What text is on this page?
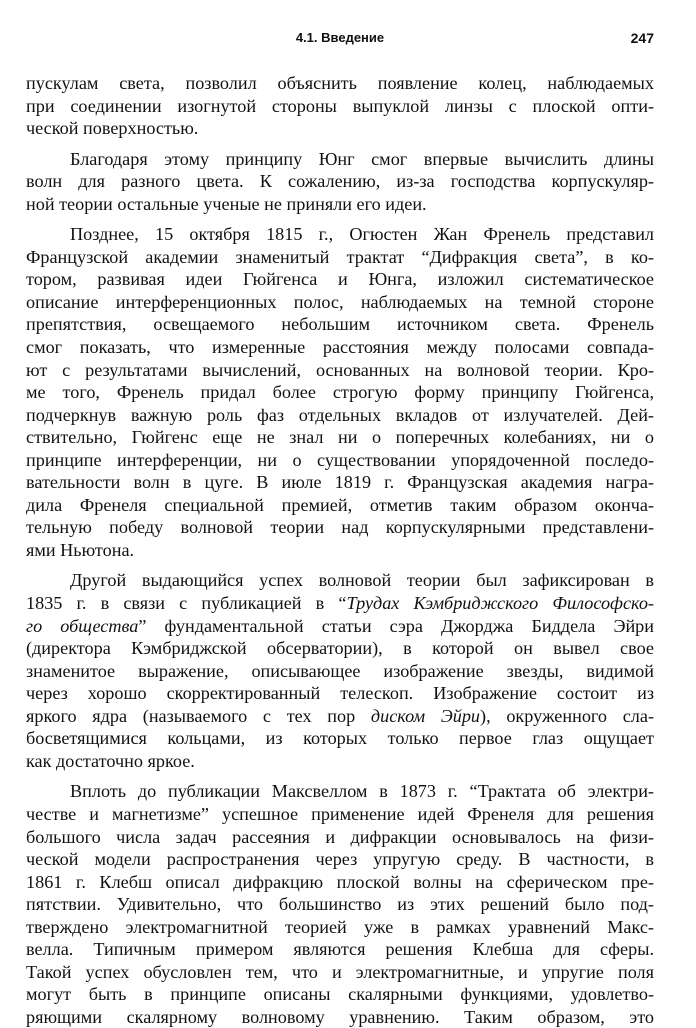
4.1. Введение	247
пускулам света, позволил объяснить появление колец, наблюдаемых
при соединении изогнутой стороны выпуклой линзы с плоской опти-
ческой поверхностью.
Благодаря этому принципу Юнг смог впервые вычислить длины
волн для разного цвета. К сожалению, из-за господства корпускуляр-
ной теории остальные ученые не приняли его идеи.
Позднее, 15 октября 1815 г., Огюстен Жан Френель представил
Французской академии знаменитый трактат “Дифракция света”, в ко-
тором, развивая идеи Гюйгенса и Юнга, изложил систематическое
описание интерференционных полос, наблюдаемых на темной стороне
препятствия, освещаемого небольшим источником света. Френель
смог показать, что измеренные расстояния между полосами совпада-
ют с результатами вычислений, основанных на волновой теории. Кро-
ме того, Френель придал более строгую форму принципу Гюйгенса,
подчеркнув важную роль фаз отдельных вкладов от излучателей. Дей-
ствительно, Гюйгенс еще не знал ни о поперечных колебаниях, ни о
принципе интерференции, ни о существовании упорядоченной последо-
вательности волн в цуге. В июле 1819 г. Французская академия награ-
дила Френеля специальной премией, отметив таким образом оконча-
тельную победу волновой теории над корпускулярными представлени-
ями Ньютона.
Другой выдающийся успех волновой теории был зафиксирован в
1835 г. в связи с публикацией в “Трудах Кэмбриджского Философско-
го общества” фундаментальной статьи сэра Джорджа Биддела Эйри
(директора Кэмбриджской обсерватории), в которой он вывел свое
знаменитое выражение, описывающее изображение звезды, видимой
через хорошо скорректированный телескоп. Изображение состоит из
яркого ядра (называемого с тех пор диском Эйри), окруженного сла-
босветящимися кольцами, из которых только первое глаз ощущает
как достаточно яркое.
Вплоть до публикации Максвеллом в 1873 г. “Трактата об электри-
честве и магнетизме” успешное применение идей Френеля для решения
большого числа задач рассеяния и дифракции основывалось на физи-
ческой модели распространения через упругую среду. В частности, в
1861 г. Клебш описал дифракцию плоской волны на сферическом пре-
пятствии. Удивительно, что большинство из этих решений было под-
тверждено электромагнитной теорией уже в рамках уравнений Макс-
велла. Типичным примером являются решения Клебша для сферы.
Такой успех обусловлен тем, что и электромагнитные, и упругие поля
могут быть в принципе описаны скалярными функциями, удовлетво-
ряющими скалярному волновому уравнению. Таким образом, это
